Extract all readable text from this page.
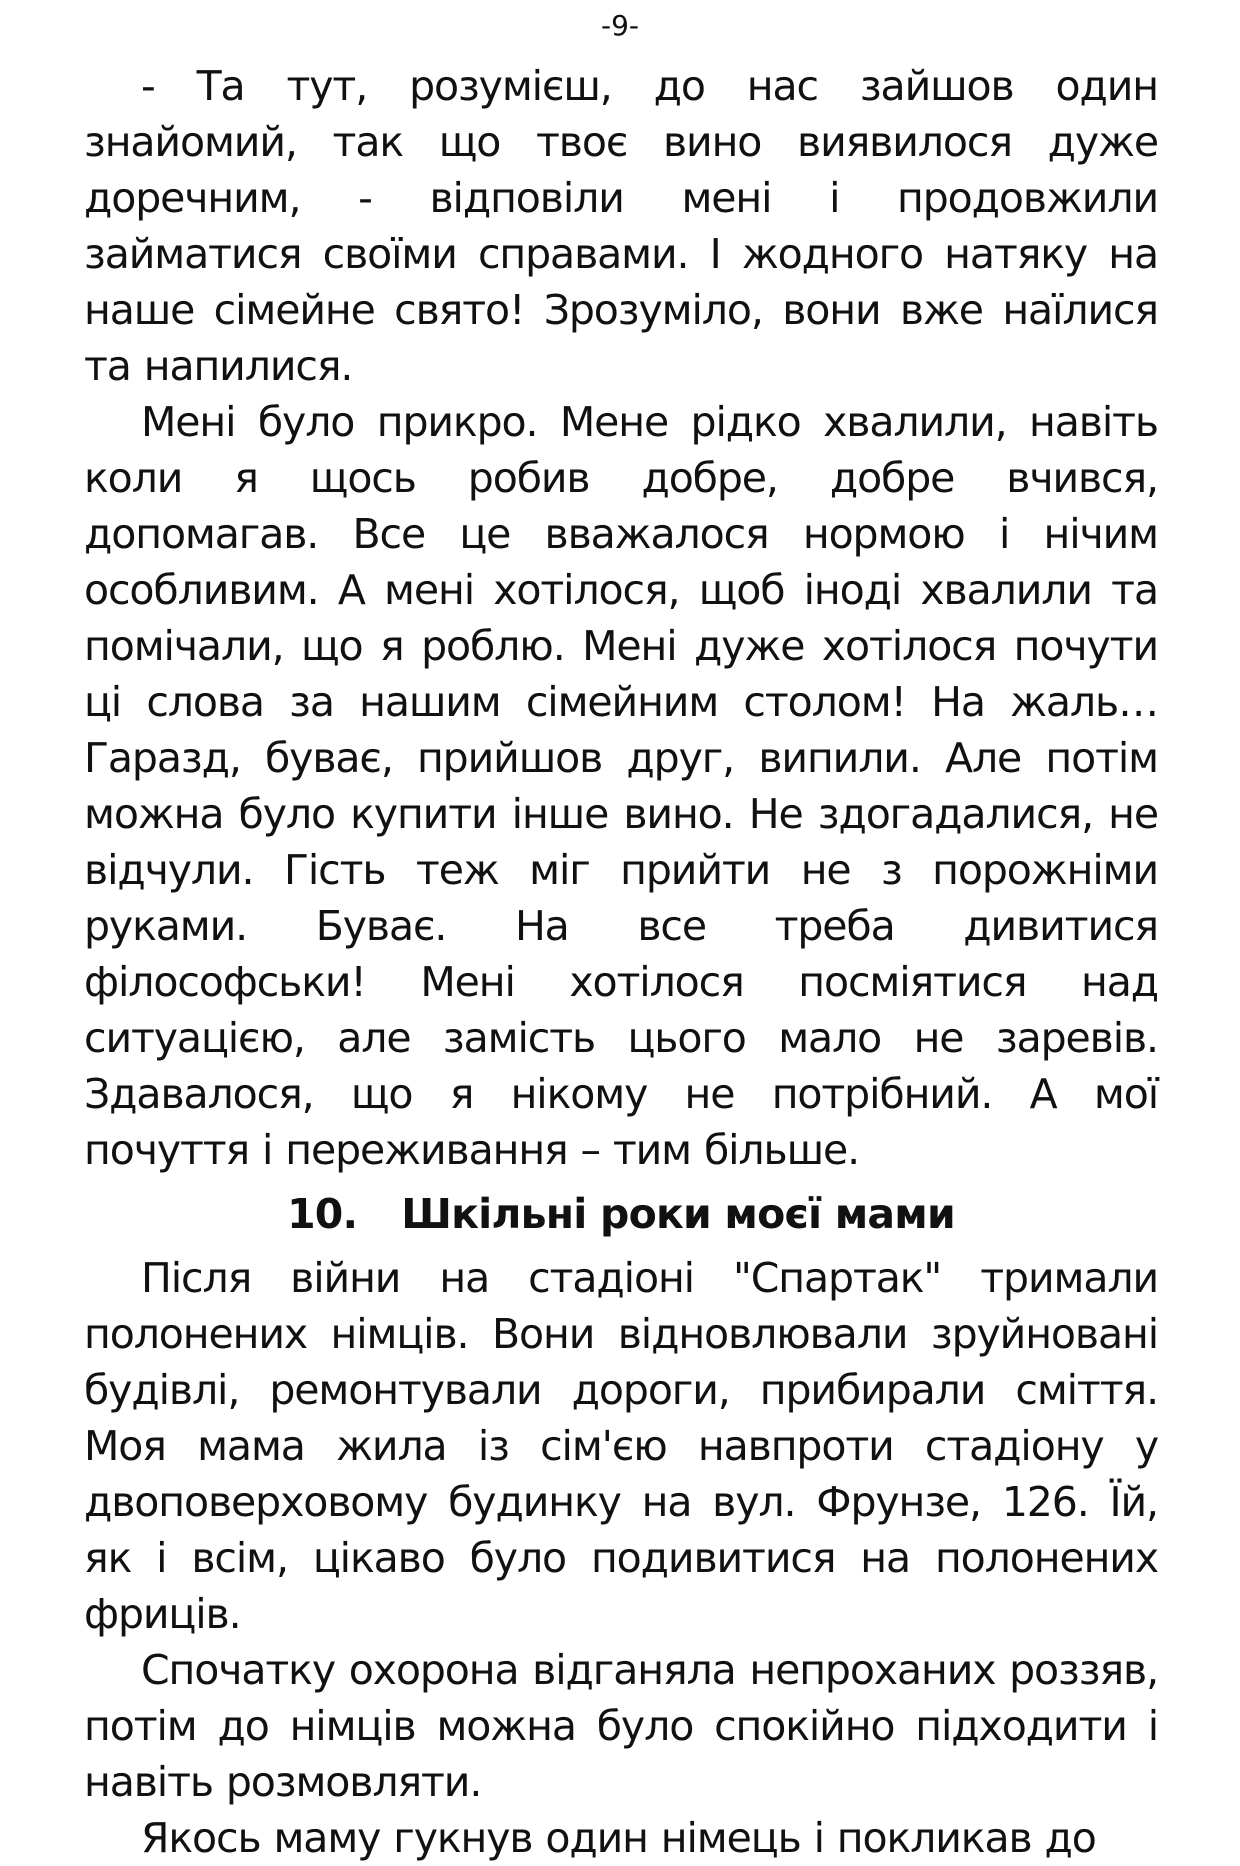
-9-

- Та тут, розумієш, до нас зайшов один знайомий, так що твоє вино виявилося дуже доречним, - відповіли мені і продовжили займатися своїми справами. І жодного натяку на наше сімейне свято! Зрозуміло, вони вже наїлися та напилися.

Мені було прикро. Мене рідко хвалили, навіть коли я щось робив добре, добре вчився, допомагав. Все це вважалося нормою і нічим особливим. А мені хотілося, щоб іноді хвалили та помічали, що я роблю. Мені дуже хотілося почути ці слова за нашим сімейним столом! На жаль… Гаразд, буває, прийшов друг, випили. Але потім можна було купити інше вино. Не здогадалися, не відчули. Гість теж міг прийти не з порожніми руками. Буває. На все треба дивитися філософськи! Мені хотілося посміятися над ситуацією, але замість цього мало не заревів. Здавалося, що я нікому не потрібний. А мої почуття і переживання – тим більше.

10. Шкільні роки моєї мами

Після війни на стадіоні "Спартак" тримали полонених німців. Вони відновлювали зруйновані будівлі, ремонтували дороги, прибирали сміття. Моя мама жила із сім'єю навпроти стадіону у двоповерховому будинку на вул. Фрунзе, 126. Їй, як і всім, цікаво було подивитися на полонених фриців.

Спочатку охорона відганяла непроханих роззяв, потім до німців можна було спокійно підходити і навіть розмовляти.

Якось маму гукнув один німець і покликав до
